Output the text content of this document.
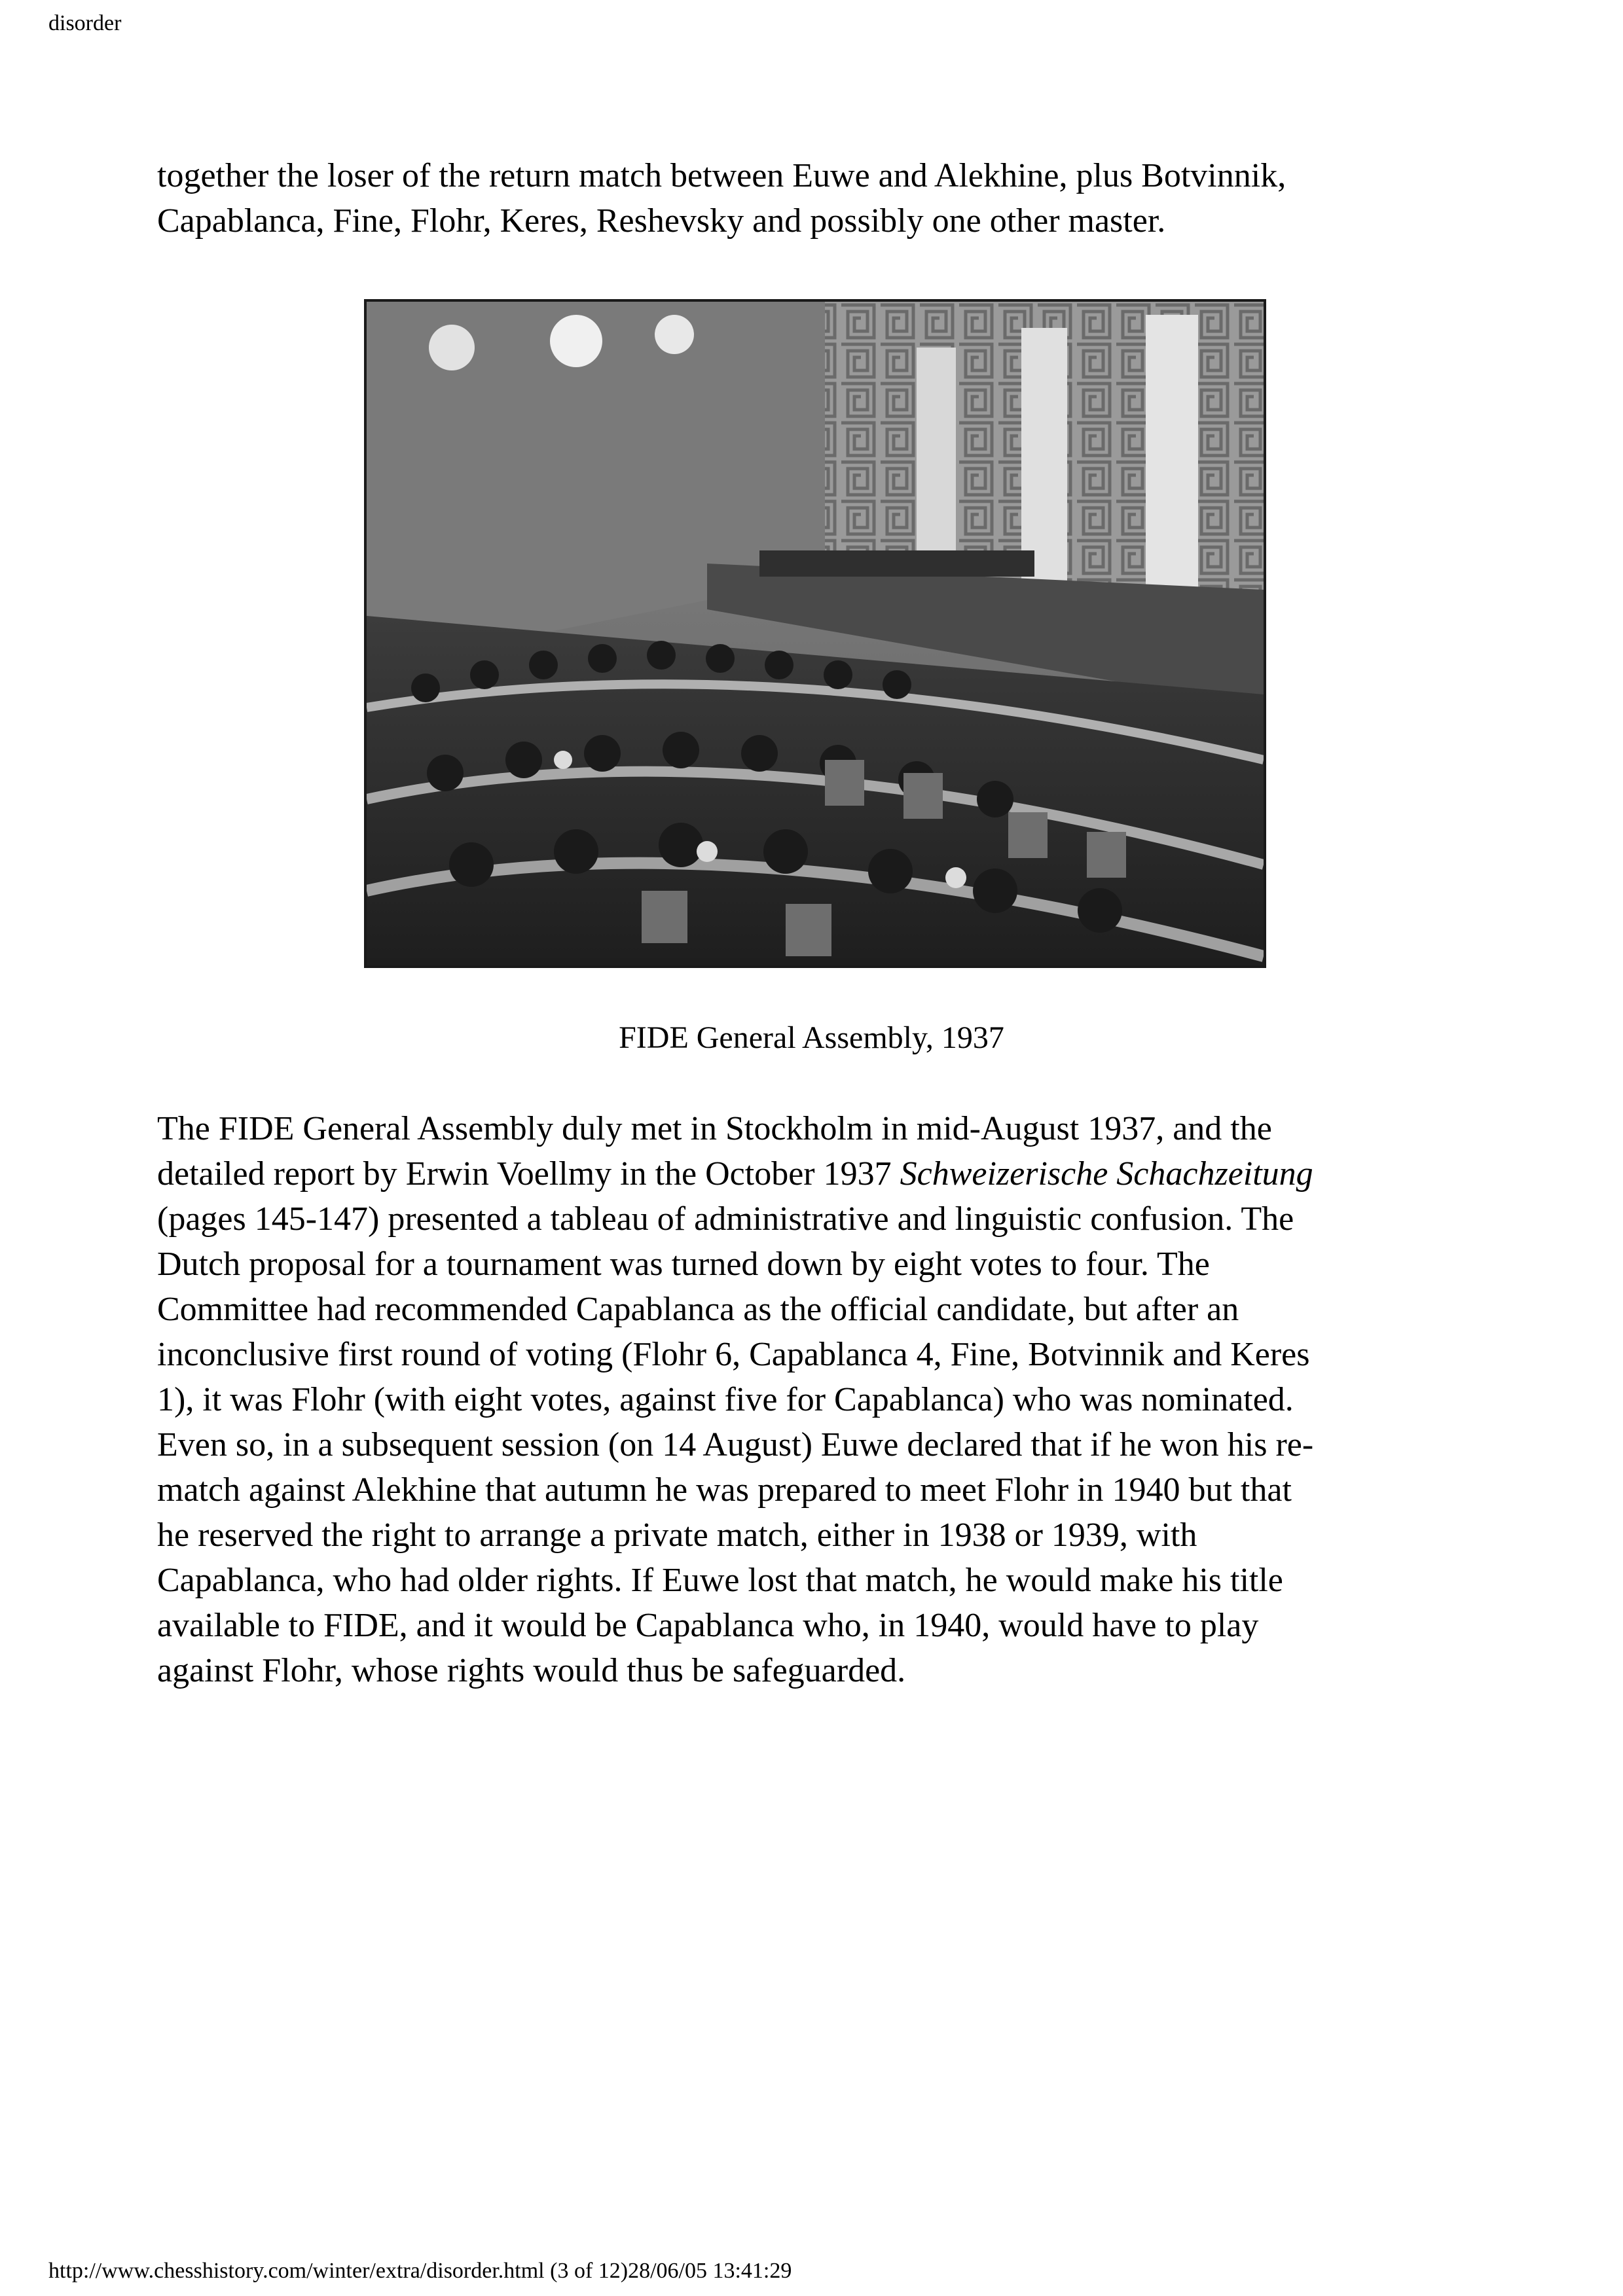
disorder

together the loser of the return match between Euwe and Alekhine, plus Botvinnik,
Capablanca, Fine, Flohr, Keres, Reshevsky and possibly one other master.

FIDE General Assembly, 1937

The FIDE General Assembly duly met in Stockholm in mid-August 1937, and the
detailed report by Erwin Voellmy in the October 1937 Schweizerische Schachzeitung
(pages 145-147) presented a tableau of administrative and linguistic confusion. The
Dutch proposal for a tournament was turned down by eight votes to four. The
Committee had recommended Capablanca as the official candidate, but after an
inconclusive first round of voting (Flohr 6, Capablanca 4, Fine, Botvinnik and Keres
1), it was Flohr (with eight votes, against five for Capablanca) who was nominated.
Even so, in a subsequent session (on 14 August) Euwe declared that if he won his re-
match against Alekhine that autumn he was prepared to meet Flohr in 1940 but that
he reserved the right to arrange a private match, either in 1938 or 1939, with
Capablanca, who had older rights. If Euwe lost that match, he would make his title
available to FIDE, and it would be Capablanca who, in 1940, would have to play
against Flohr, whose rights would thus be safeguarded.

http://www.chesshistory.com/winter/extra/disorder.html (3 of 12)28/06/05 13:41:29
